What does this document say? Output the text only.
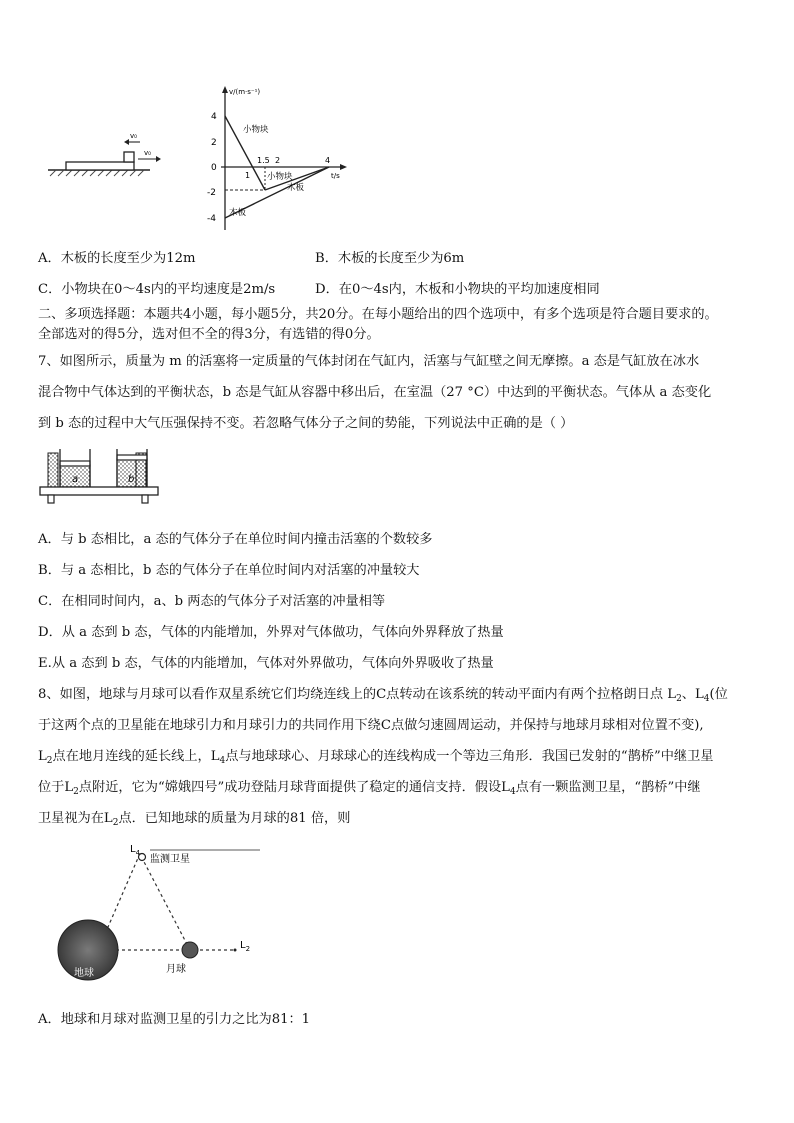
v₀
v₀
v/(m·s⁻¹)
t/s
4
2
0
-2
-4
1
1.5 2	4
小物块
小物块
木板
木板
A．木板的长度至少为12m	B．木板的长度至少为6m
C．小物块在0～4s内的平均速度是2m/s	D．在0～4s内，木板和小物块的平均加速度相同
二、多项选择题：本题共4小题，每小题5分，共20分。在每小题给出的四个选项中，有多个选项是符合题目要求的。
全部选对的得5分，选对但不全的得3分，有选错的得0分。
7、如图所示，质量为 m 的活塞将一定质量的气体封闭在气缸内，活塞与气缸壁之间无摩擦。a 态是气缸放在冰水
混合物中气体达到的平衡状态，b 态是气缸从容器中移出后，在室温（27 °C）中达到的平衡状态。气体从 a 态变化
到 b 态的过程中大气压强保持不变。若忽略气体分子之间的势能，下列说法中正确的是（ ）
a	b
A．与 b 态相比，a 态的气体分子在单位时间内撞击活塞的个数较多
B．与 a 态相比，b 态的气体分子在单位时间内对活塞的冲量较大
C．在相同时间内，a、b 两态的气体分子对活塞的冲量相等
D．从 a 态到 b 态，气体的内能增加，外界对气体做功，气体向外界释放了热量
E.从 a 态到 b 态，气体的内能增加，气体对外界做功，气体向外界吸收了热量
8、如图，地球与月球可以看作双星系统它们均绕连线上的C点转动在该系统的转动平面内有两个拉格朗日点 $L_2$、$L_4$(位
于这两个点的卫星能在地球引力和月球引力的共同作用下绕C点做匀速圆周运动，并保持与地球月球相对位置不变),
$L_2$点在地月连线的延长线上，$L_4$点与地球球心、月球球心的连线构成一个等边三角形．我国已发射的“鹊桥”中继卫星
位于$L_2$点附近，它为“嫦娥四号”成功登陆月球背面提供了稳定的通信支持．假设$L_4$点有一颗监测卫星，“鹊桥”中继
卫星视为在$L_2$点．已知地球的质量为月球的81 倍，则
$L_4$
监测卫星
$L_2$
月球
地球
A．地球和月球对监测卫星的引力之比为81：1
